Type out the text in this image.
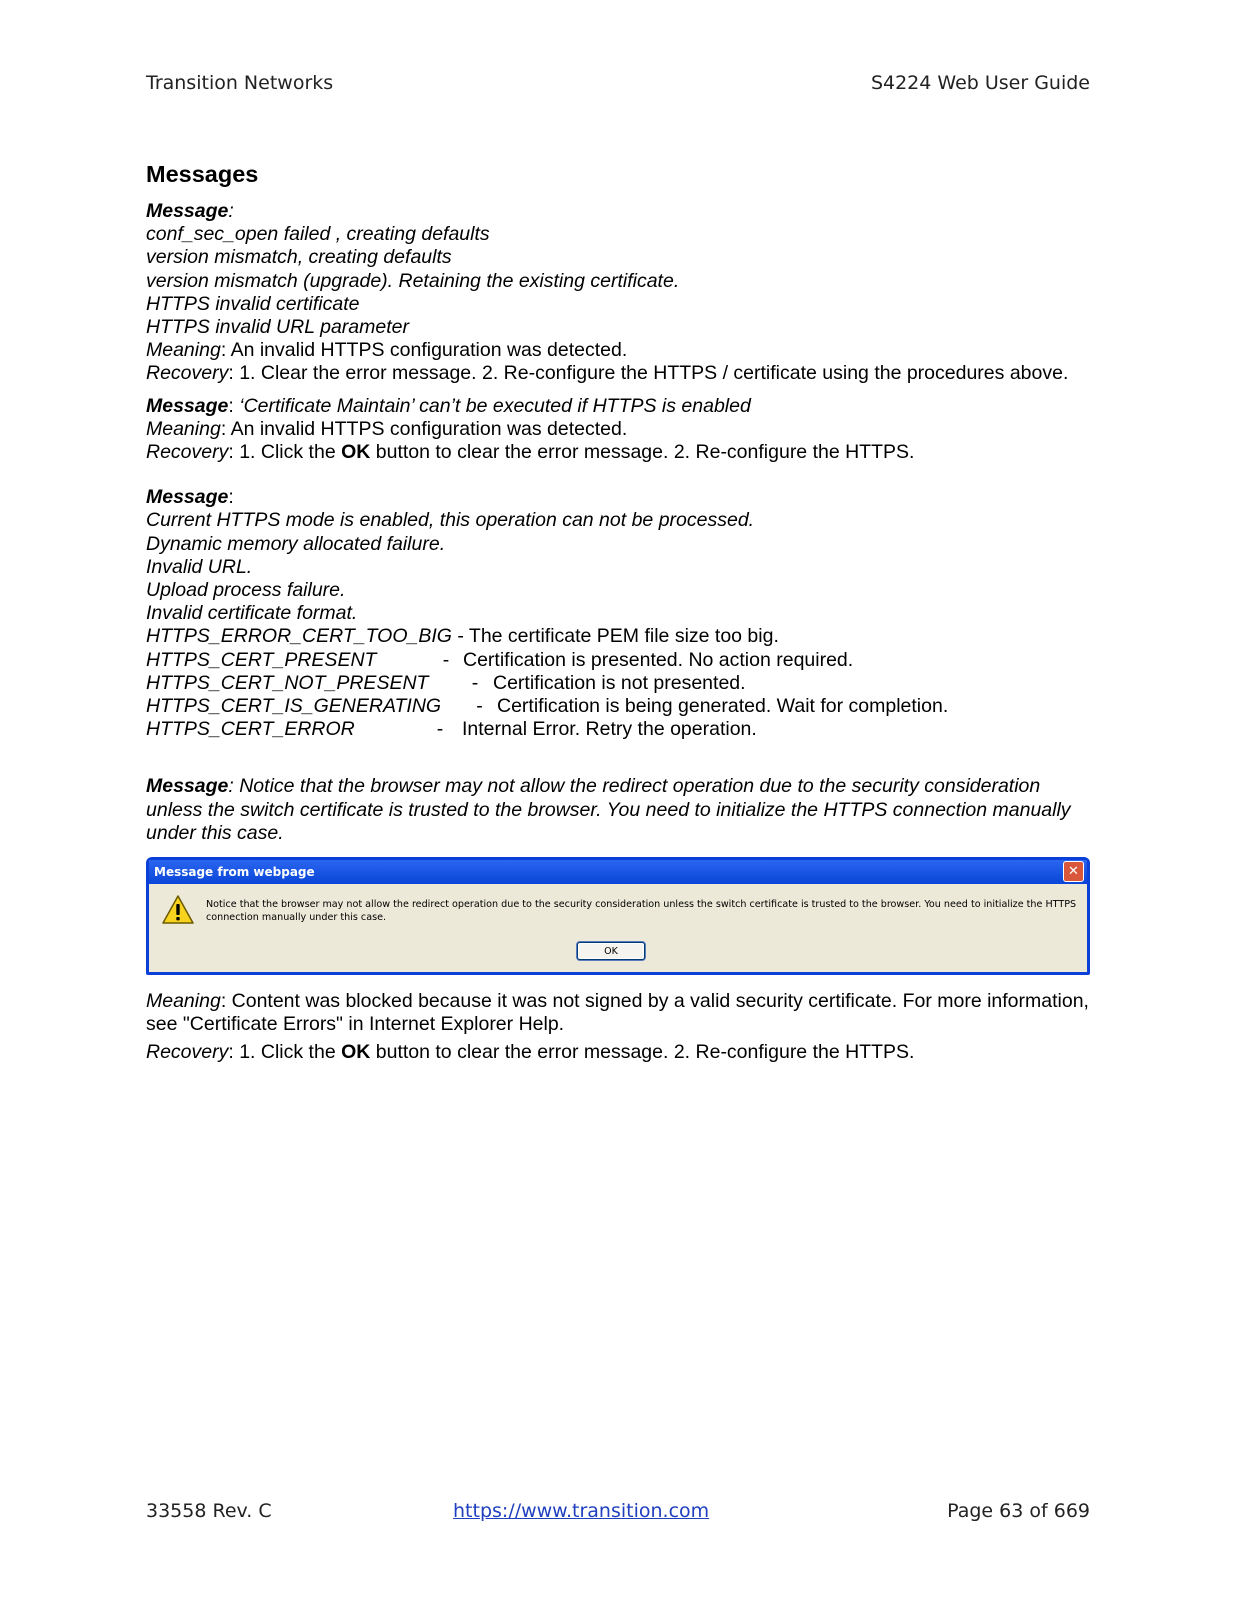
Transition Networks	S4224 Web User Guide
Messages
Message:
conf_sec_open failed , creating defaults
version mismatch, creating defaults
version mismatch (upgrade). Retaining the existing certificate.
HTTPS invalid certificate
HTTPS invalid URL parameter
Meaning: An invalid HTTPS configuration was detected.
Recovery: 1. Clear the error message. 2. Re-configure the HTTPS / certificate using the procedures above.
Message: ‘Certificate Maintain’ can’t be executed if HTTPS is enabled
Meaning: An invalid HTTPS configuration was detected.
Recovery: 1. Click the OK button to clear the error message. 2. Re-configure the HTTPS.
Message:
Current HTTPS mode is enabled, this operation can not be processed.
Dynamic memory allocated failure.
Invalid URL.
Upload process failure.
Invalid certificate format.
HTTPS_ERROR_CERT_TOO_BIG - The certificate PEM file size too big.
HTTPS_CERT_PRESENT	- Certification is presented. No action required.
HTTPS_CERT_NOT_PRESENT	- Certification is not presented.
HTTPS_CERT_IS_GENERATING	- Certification is being generated. Wait for completion.
HTTPS_CERT_ERROR	- Internal Error. Retry the operation.
Message: Notice that the browser may not allow the redirect operation due to the security consideration unless the switch certificate is trusted to the browser. You need to initialize the HTTPS connection manually under this case.
Message from webpage	✕
Notice that the browser may not allow the redirect operation due to the security consideration unless the switch certificate is trusted to the browser. You need to initialize the HTTPS connection manually under this case.
OK
Meaning: Content was blocked because it was not signed by a valid security certificate. For more information, see "Certificate Errors" in Internet Explorer Help.
Recovery: 1. Click the OK button to clear the error message. 2. Re-configure the HTTPS.
33558 Rev. C	https://www.transition.com	Page 63 of 669
